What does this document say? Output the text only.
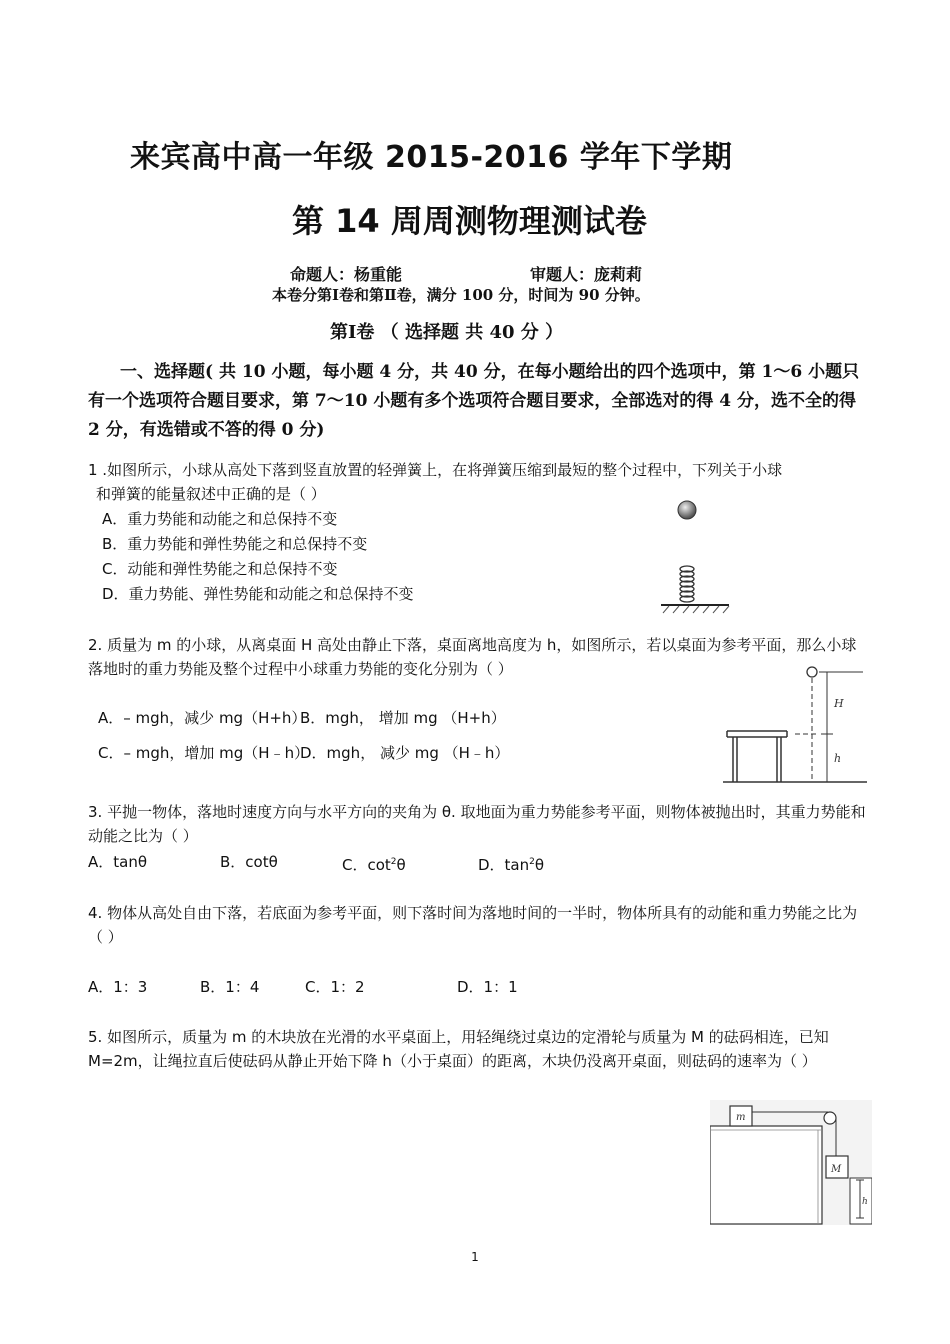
来宾高中高一年级 2015-2016 学年下学期
第 14 周周测物理测试卷
命题人：杨重能	审题人：庞莉莉
本卷分第Ⅰ卷和第Ⅱ卷，满分 100 分，时间为 90 分钟。
第Ⅰ卷 （ 选择题 共 40 分 ）
一、选择题( 共 10 小题，每小题 4 分，共 40 分，在每小题给出的四个选项中，第 1～6 小题只有一个选项符合题目要求，第 7～10 小题有多个选项符合题目要求，全部选对的得 4 分，选不全的得 2 分，有选错或不答的得 0 分)
1 .如图所示，小球从高处下落到竖直放置的轻弹簧上，在将弹簧压缩到最短的整个过程中，下列关于小球
和弹簧的能量叙述中正确的是（ ）
A．重力势能和动能之和总保持不变
B．重力势能和弹性势能之和总保持不变
C．动能和弹性势能之和总保持不变
D．重力势能、弹性势能和动能之和总保持不变
2. 质量为 m 的小球，从离桌面 H 高处由静止下落，桌面离地高度为 h，如图所示，若以桌面为参考平面，那么小球落地时的重力势能及整个过程中小球重力势能的变化分别为（ ）
A．– mgh，减少 mg（H+h）
B．mgh， 增加 mg （H+h）
C．– mgh，增加 mg（H﹣h）
D．mgh， 减少 mg （H﹣h）
H
h
3. 平抛一物体，落地时速度方向与水平方向的夹角为 θ. 取地面为重力势能参考平面，则物体被抛出时，其重力势能和动能之比为（ ）
A．tanθ	B．cotθ	C．$\cot^2\theta$	D．$\tan^2\theta$
4. 物体从高处自由下落，若底面为参考平面，则下落时间为落地时间的一半时，物体所具有的动能和重力势能之比为（ ）
A．1：3	B．1：4	C．1：2	D．1：1
5. 如图所示，质量为 m 的木块放在光滑的水平桌面上，用轻绳绕过桌边的定滑轮与质量为 M 的砝码相连，已知 M=2m，让绳拉直后使砝码从静止开始下降 h（小于桌面）的距离，木块仍没离开桌面，则砝码的速率为（ ）
m
M
h
1
